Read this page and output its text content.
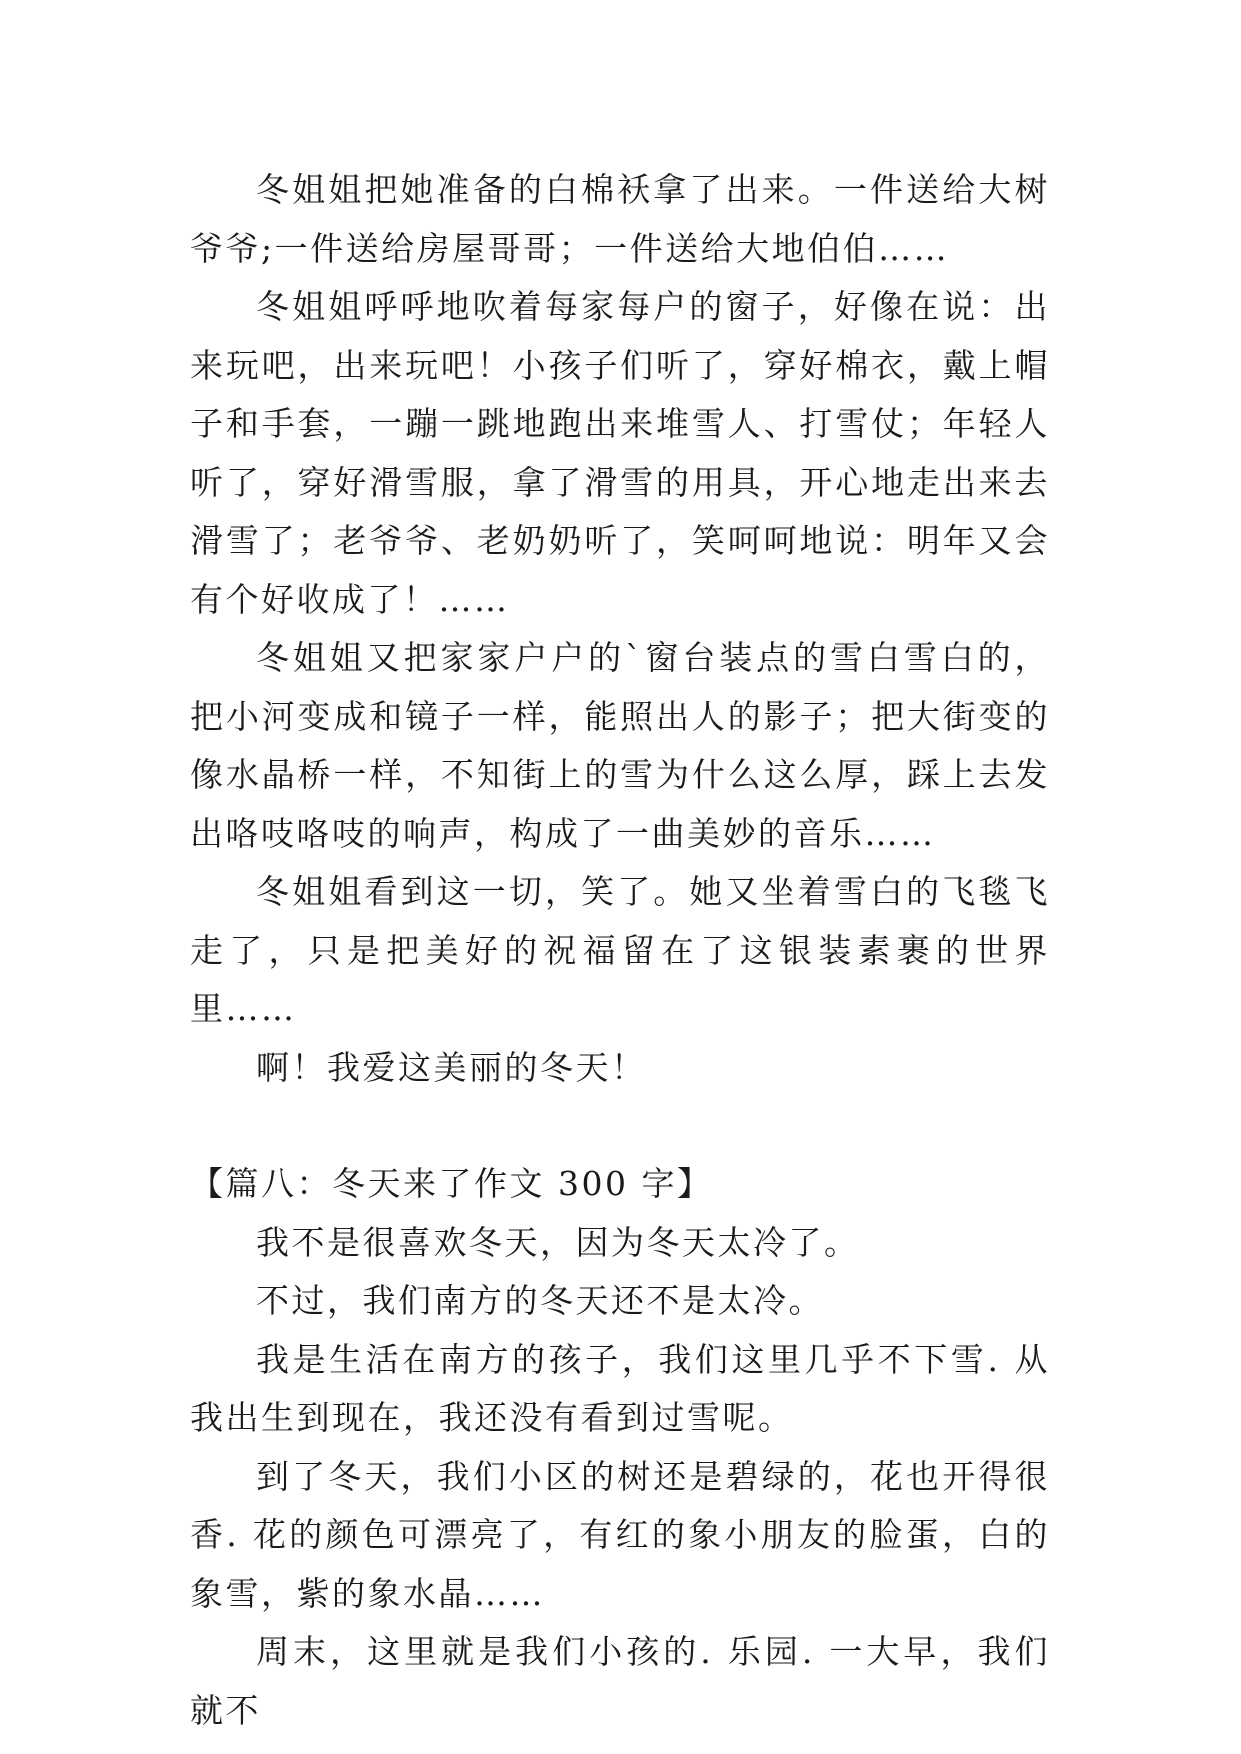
冬姐姐把她准备的白棉袄拿了出来。一件送给大树爷爷;一件送给房屋哥哥；一件送给大地伯伯……

冬姐姐呼呼地吹着每家每户的窗子，好像在说：出来玩吧，出来玩吧！小孩子们听了，穿好棉衣，戴上帽子和手套，一蹦一跳地跑出来堆雪人、打雪仗；年轻人听了，穿好滑雪服，拿了滑雪的用具，开心地走出来去滑雪了；老爷爷、老奶奶听了，笑呵呵地说：明年又会有个好收成了！……

冬姐姐又把家家户户的`窗台装点的雪白雪白的，把小河变成和镜子一样，能照出人的影子；把大街变的像水晶桥一样，不知街上的雪为什么这么厚，踩上去发出咯吱咯吱的响声，构成了一曲美妙的音乐……

冬姐姐看到这一切，笑了。她又坐着雪白的飞毯飞走了，只是把美好的祝福留在了这银装素裹的世界里……

啊！我爱这美丽的冬天！

【篇八：冬天来了作文 300 字】

我不是很喜欢冬天，因为冬天太冷了。

不过，我们南方的冬天还不是太冷。

我是生活在南方的孩子，我们这里几乎不下雪. 从我出生到现在，我还没有看到过雪呢。

到了冬天，我们小区的树还是碧绿的，花也开得很香. 花的颜色可漂亮了，有红的象小朋友的脸蛋，白的象雪，紫的象水晶……

周末，这里就是我们小孩的. 乐园. 一大早，我们就不
